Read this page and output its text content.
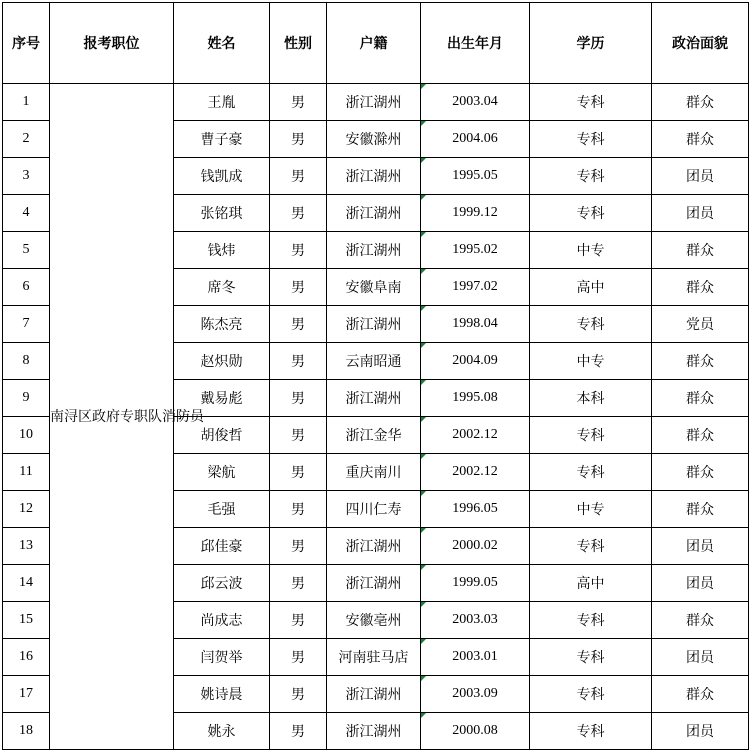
序号	报考职位	姓名	性别	户籍	出生年月	学历	政治面貌
1	南浔区政府专职队消防员	王胤	男	浙江湖州	2003.04	专科	群众
2		曹子豪	男	安徽滁州	2004.06	专科	群众
3		钱凯成	男	浙江湖州	1995.05	专科	团员
4		张铭琪	男	浙江湖州	1999.12	专科	团员
5		钱炜	男	浙江湖州	1995.02	中专	群众
6		席冬	男	安徽阜南	1997.02	高中	群众
7		陈杰亮	男	浙江湖州	1998.04	专科	党员
8		赵炽勋	男	云南昭通	2004.09	中专	群众
9		戴易彪	男	浙江湖州	1995.08	本科	群众
10		胡俊哲	男	浙江金华	2002.12	专科	群众
11		梁航	男	重庆南川	2002.12	专科	群众
12		毛强	男	四川仁寿	1996.05	中专	群众
13		邱佳豪	男	浙江湖州	2000.02	专科	团员
14		邱云波	男	浙江湖州	1999.05	高中	团员
15		尚成志	男	安徽亳州	2003.03	专科	群众
16		闫贺举	男	河南驻马店	2003.01	专科	团员
17		姚诗晨	男	浙江湖州	2003.09	专科	群众
18		姚永	男	浙江湖州	2000.08	专科	团员
